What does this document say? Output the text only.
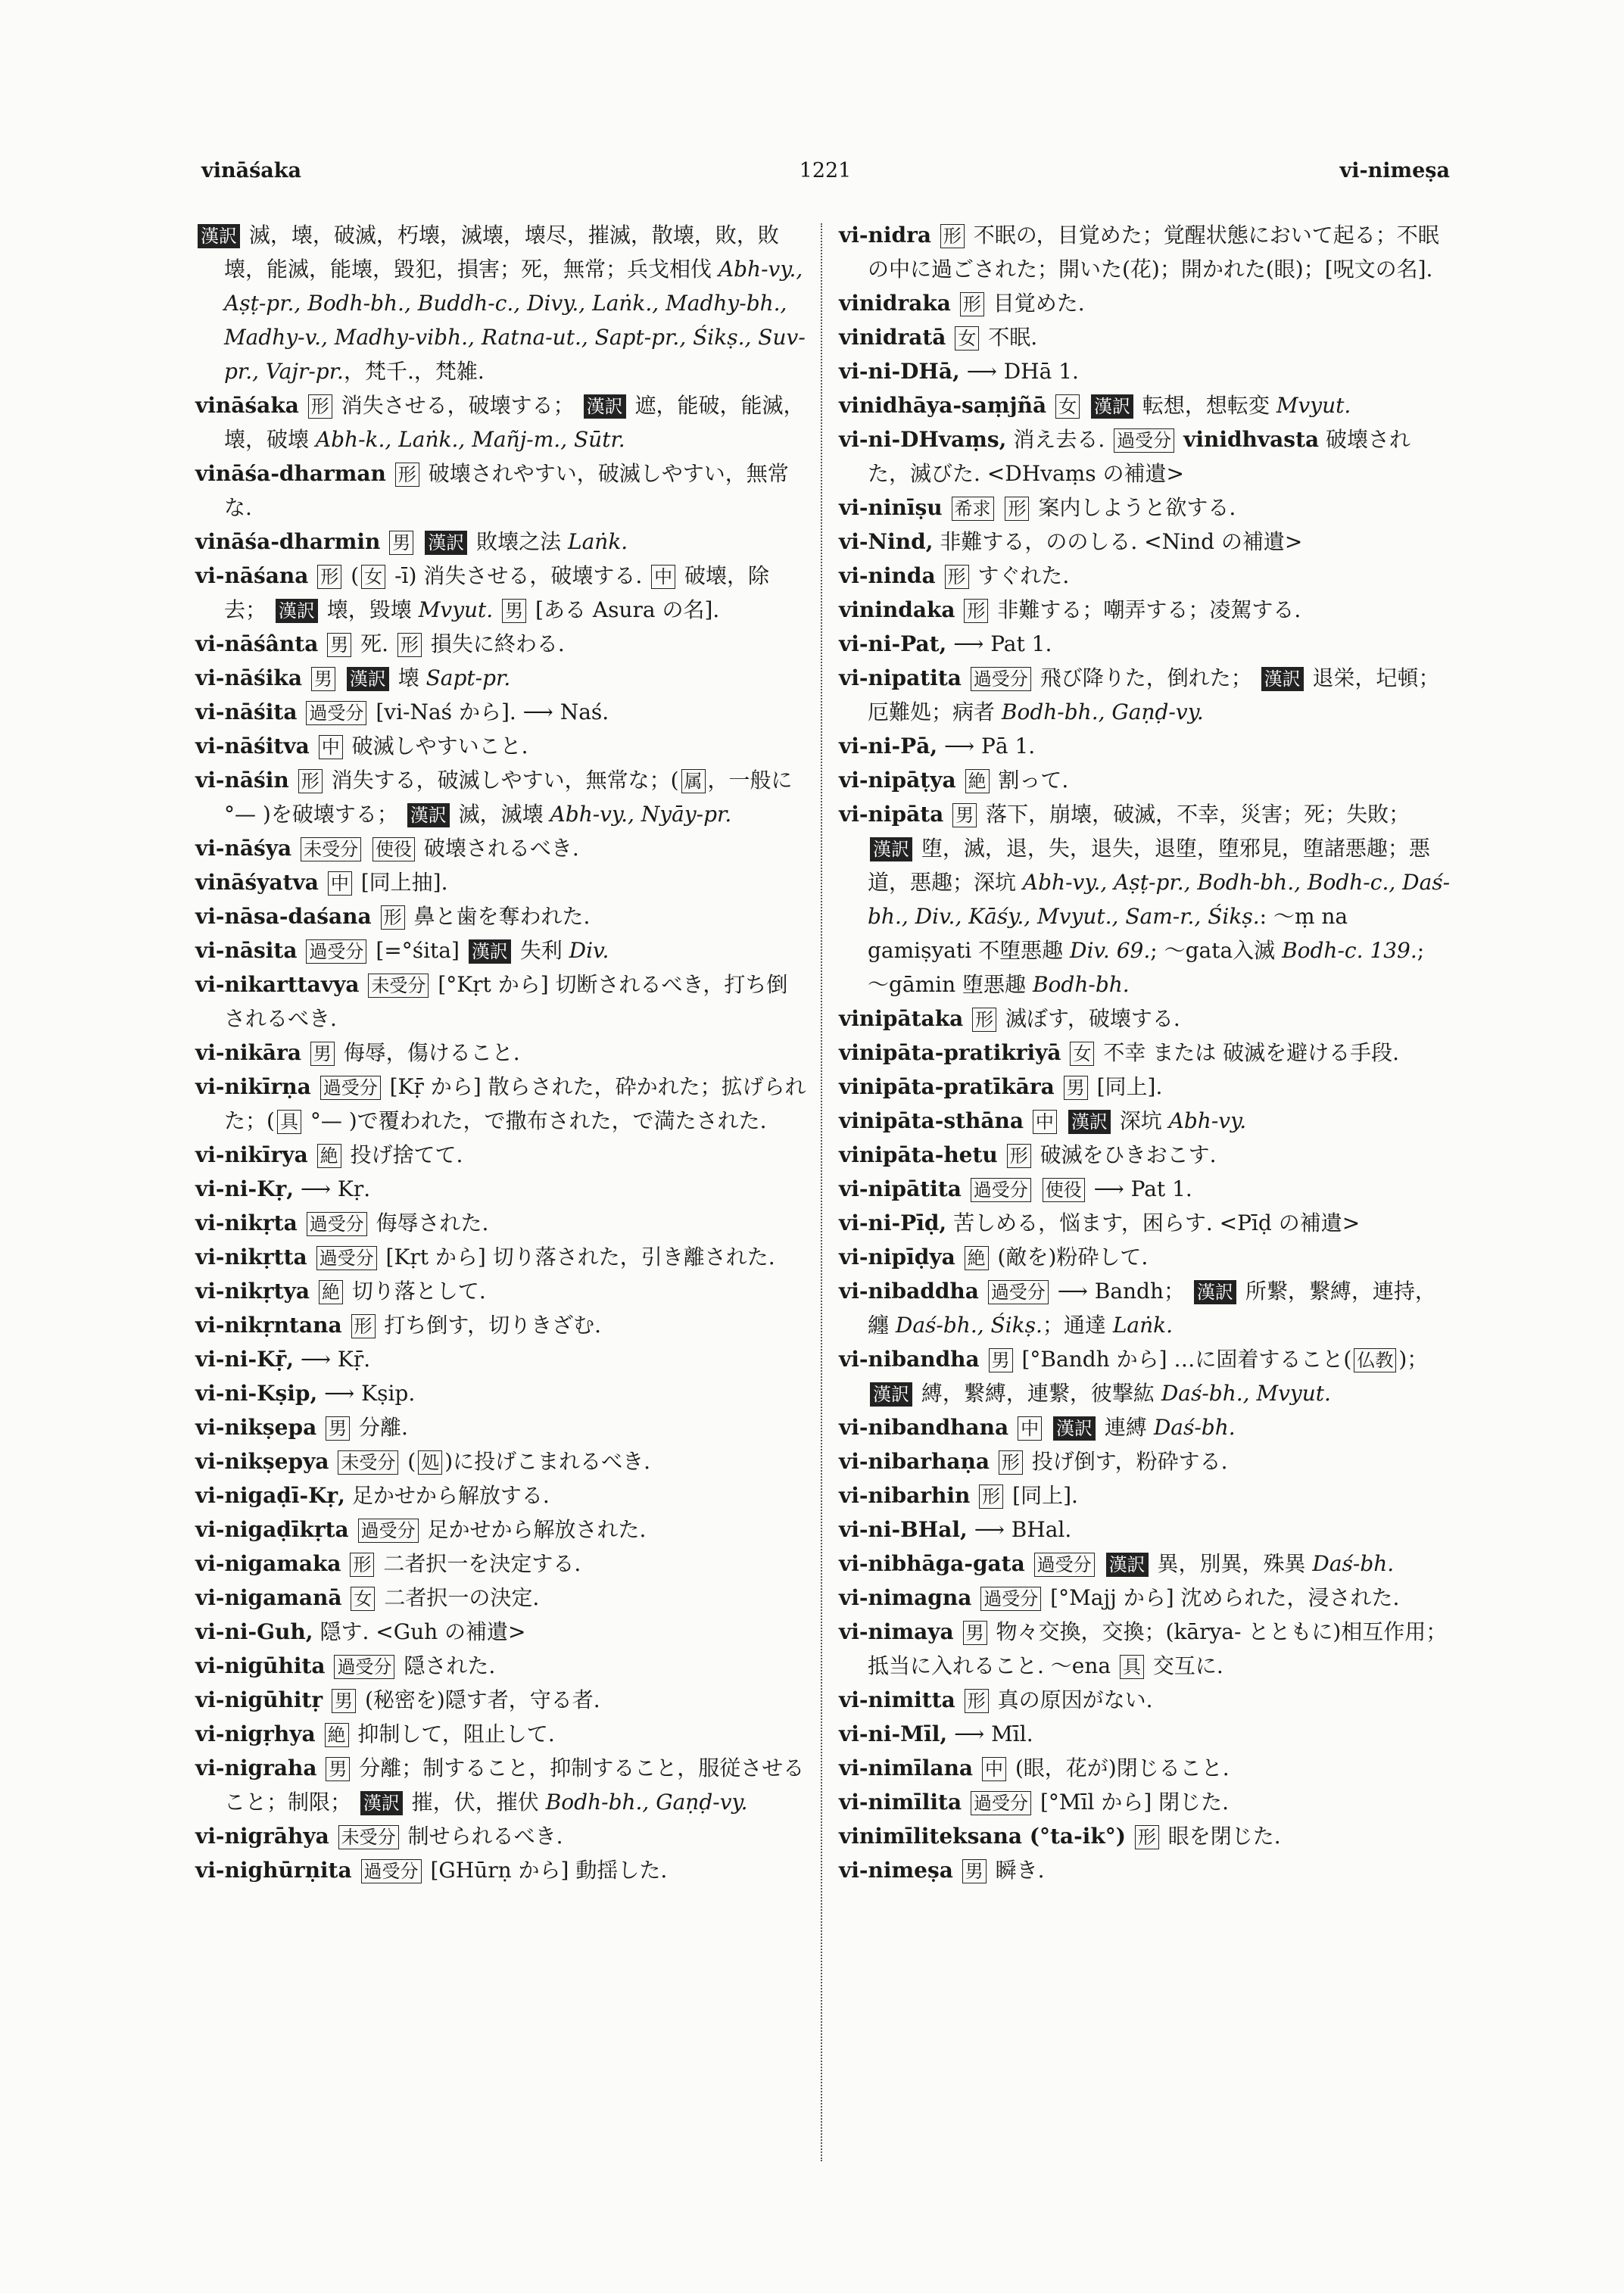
vināśaka	1221	vi-nimeṣa

漢訳 滅，壊，破滅，朽壊，滅壊，壊尽，摧滅，散壊，敗，敗壊，能滅，能壊，毀犯，損害；死，無常；兵戈相伐 Abh-vy., Aṣṭ-pr., Bodh-bh., Buddh-c., Divy., Laṅk., Madhy-bh., Madhy-v., Madhy-vibh., Ratna-ut., Sapt-pr., Śikṣ., Suv-pr., Vajr-pr.，梵千.，梵雑.

vināśaka 形 消失させる，破壊する； 漢訳 遮，能破，能滅，壊，破壊 Abh-k., Laṅk., Mañj-m., Sūtr.

vināśa-dharman 形 破壊されやすい，破滅しやすい，無常な.

vināśa-dharmin 男 漢訳 敗壊之法 Laṅk.

vi-nāśana 形 ( 女 -ī) 消失させる，破壊する. 中 破壊，除去； 漢訳 壊，毀壊 Mvyut. 男 [ある Asura の名].

vi-nāśânta 男 死. 形 損失に終わる.

vi-nāśika 男 漢訳 壊 Sapt-pr.

vi-nāśita 過受分 [vi-Naś から]. ⟶ Naś.

vi-nāśitva 中 破滅しやすいこと.

vi-nāśin 形 消失する，破滅しやすい，無常な；( 属 ，一般に °— )を破壊する； 漢訳 滅，滅壊 Abh-vy., Nyāy-pr.

vi-nāśya 未受分 使役 破壊されるべき.

vināśyatva 中 [同上抽].

vi-nāsa-daśana 形 鼻と歯を奪われた.

vi-nāsita 過受分 [=°śita] 漢訳 失利 Div.

vi-nikarttavya 未受分 [°Kṛt から] 切断されるべき，打ち倒されるべき.

vi-nikāra 男 侮辱，傷けること.

vi-nikīrṇa 過受分 [Kṝ から] 散らされた，砕かれた；拡げられた；( 具 °— )で覆われた，で撒布された，で満たされた.

vi-nikīrya 絶 投げ捨てて.

vi-ni-Kṛ, ⟶ Kṛ.

vi-nikṛta 過受分 侮辱された.

vi-nikṛtta 過受分 [Kṛt から] 切り落された，引き離された.

vi-nikṛtya 絶 切り落として.

vi-nikṛntana 形 打ち倒す，切りきざむ.

vi-ni-Kṝ, ⟶ Kṝ.

vi-ni-Kṣip, ⟶ Kṣip.

vi-nikṣepa 男 分離.

vi-nikṣepya 未受分 ( 処 )に投げこまれるべき.

vi-nigaḍī-Kṛ, 足かせから解放する.

vi-nigaḍīkṛta 過受分 足かせから解放された.

vi-nigamaka 形 二者択一を決定する.

vi-nigamanā 女 二者択一の決定.

vi-ni-Guh, 隠す. <Guh の補遺>

vi-nigūhita 過受分 隠された.

vi-nigūhitṛ 男 (秘密を)隠す者，守る者.

vi-nigṛhya 絶 抑制して，阻止して.

vi-nigraha 男 分離；制すること，抑制すること，服従させること；制限； 漢訳 摧，伏，摧伏 Bodh-bh., Gaṇḍ-vy.

vi-nigrāhya 未受分 制せられるべき.

vi-nighūrṇita 過受分 [GHūrṇ から] 動揺した.

vi-nidra 形 不眠の，目覚めた；覚醒状態において起る；不眠の中に過ごされた；開いた(花)；開かれた(眼)；[呪文の名].

vinidraka 形 目覚めた.

vinidratā 女 不眠.

vi-ni-DHā, ⟶ DHā 1.

vinidhāya-saṃjñā 女 漢訳 転想，想転変 Mvyut.

vi-ni-DHvaṃs, 消え去る. 過受分 vinidhvasta 破壊された，滅びた. <DHvaṃs の補遺>

vi-ninīṣu 希求 形 案内しようと欲する.

vi-Nind, 非難する，ののしる. <Nind の補遺>

vi-ninda 形 すぐれた.

vinindaka 形 非難する；嘲弄する；凌駕する.

vi-ni-Pat, ⟶ Pat 1.

vi-nipatita 過受分 飛び降りた，倒れた； 漢訳 退栄，圮頓；厄難処；病者 Bodh-bh., Gaṇḍ-vy.

vi-ni-Pā, ⟶ Pā 1.

vi-nipāṭya 絶 割って.

vi-nipāta 男 落下，崩壊，破滅，不幸，災害；死；失敗； 漢訳 堕，滅，退，失，退失，退堕，堕邪見，堕諸悪趣；悪道，悪趣；深坑 Abh-vy., Aṣṭ-pr., Bodh-bh., Bodh-c., Daś-bh., Div., Kāśy., Mvyut., Sam-r., Śikṣ.: ～ṃ na gamiṣyati 不堕悪趣 Div. 69.; ～gata入滅 Bodh-c. 139.; ～gāmin 堕悪趣 Bodh-bh.

vinipātaka 形 滅ぼす，破壊する.

vinipāta-pratikriyā 女 不幸 または 破滅を避ける手段.

vinipāta-pratīkāra 男 [同上].

vinipāta-sthāna 中 漢訳 深坑 Abh-vy.

vinipāta-hetu 形 破滅をひきおこす.

vi-nipātita 過受分 使役 ⟶ Pat 1.

vi-ni-Pīḍ, 苦しめる，悩ます，困らす. <Pīḍ の補遺>

vi-nipīḍya 絶 (敵を)粉砕して.

vi-nibaddha 過受分 ⟶ Bandh； 漢訳 所繋，繋縛，連持，纏 Daś-bh., Śikṣ.；通達 Laṅk.

vi-nibandha 男 [°Bandh から] …に固着すること( 仏教 )； 漢訳 縛，繋縛，連繋，彼撃紘 Daś-bh., Mvyut.

vi-nibandhana 中 漢訳 連縛 Daś-bh.

vi-nibarhaṇa 形 投げ倒す，粉砕する.

vi-nibarhin 形 [同上].

vi-ni-BHal, ⟶ BHal.

vi-nibhāga-gata 過受分 漢訳 異，別異，殊異 Daś-bh.

vi-nimagna 過受分 [°Majj から] 沈められた，浸された.

vi-nimaya 男 物々交換，交換；(kārya- とともに)相互作用；抵当に入れること. ～ena 具 交互に.

vi-nimitta 形 真の原因がない.

vi-ni-Mīl, ⟶ Mīl.

vi-nimīlana 中 (眼，花が)閉じること.

vi-nimīlita 過受分 [°Mīl から] 閉じた.

vinimīliteksana (°ta-ik°) 形 眼を閉じた.

vi-nimeṣa 男 瞬き.
